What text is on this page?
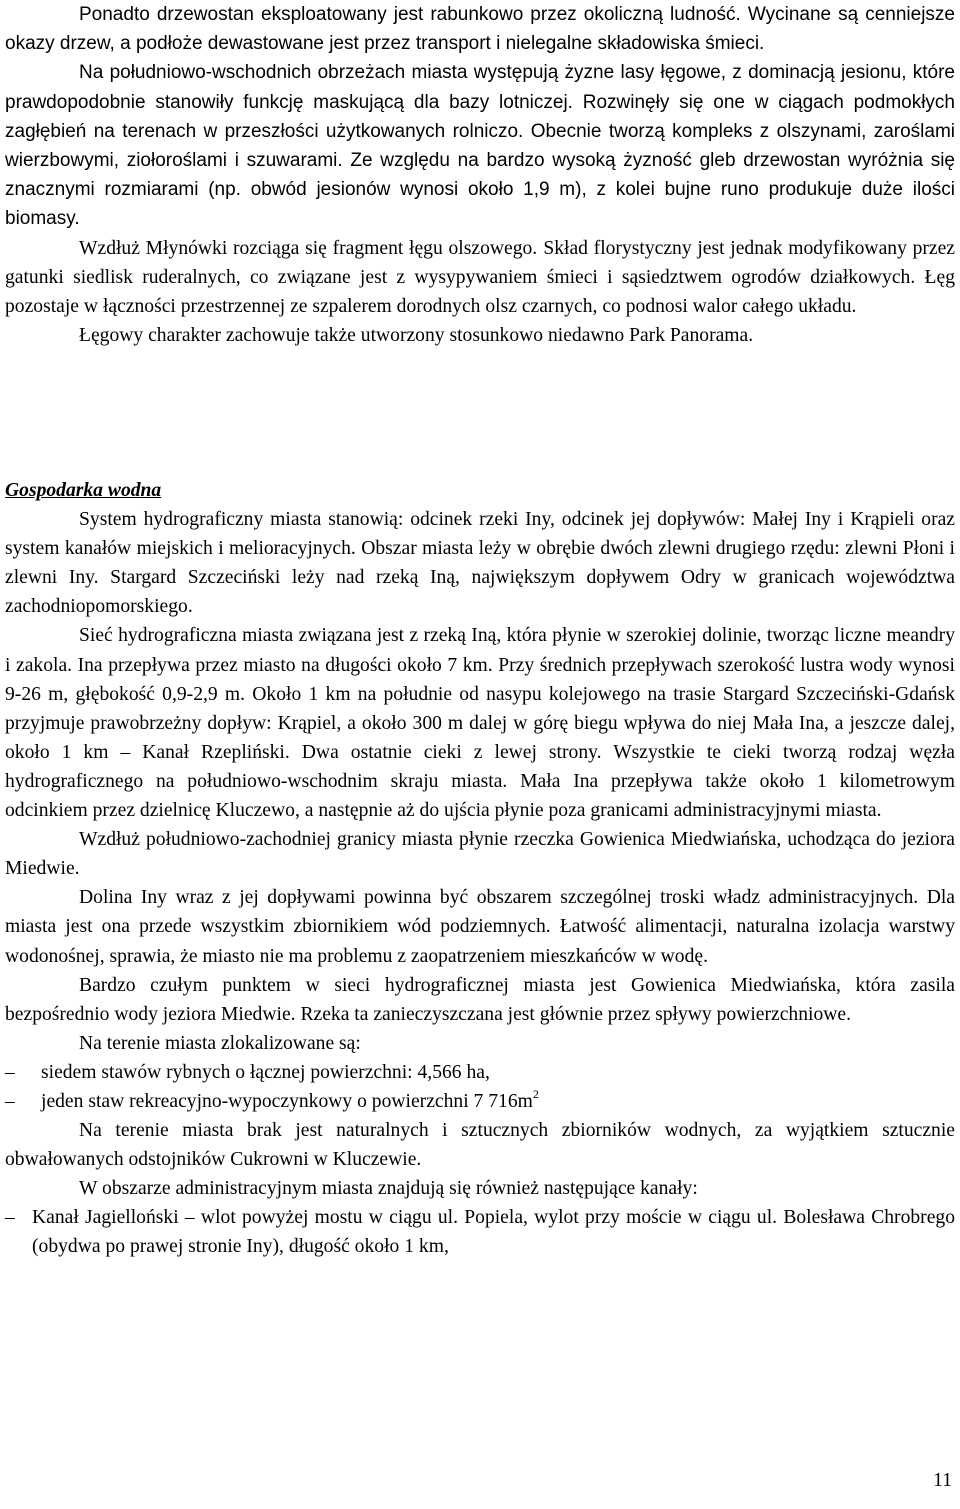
Ponadto drzewostan eksploatowany jest rabunkowo przez okoliczną ludność. Wycinane są cenniejsze okazy drzew, a podłoże dewastowane jest przez transport i nielegalne składowiska śmieci.

Na południowo-wschodnich obrzeżach miasta występują żyzne lasy łęgowe, z dominacją jesionu, które prawdopodobnie stanowiły funkcję maskującą dla bazy lotniczej. Rozwinęły się one w ciągach podmokłych zagłębień na terenach w przeszłości użytkowanych rolniczo. Obecnie tworzą kompleks z olszynami, zaroślami wierzbowymi, ziołoroślami i szuwarami. Ze względu na bardzo wysoką żyzność gleb drzewostan wyróżnia się znacznymi rozmiarami (np. obwód jesionów wynosi około 1,9 m), z kolei bujne runo produkuje duże ilości biomasy.

Wzdłuż Młynówki rozciąga się fragment łęgu olszowego. Skład florystyczny jest jednak modyfikowany przez gatunki siedlisk ruderalnych, co związane jest z wysypywaniem śmieci i sąsiedztwem ogrodów działkowych. Łęg pozostaje w łączności przestrzennej ze szpalerem dorodnych olsz czarnych, co podnosi walor całego układu.

Łęgowy charakter zachowuje także utworzony stosunkowo niedawno Park Panorama.

Gospodarka wodna

System hydrograficzny miasta stanowią: odcinek rzeki Iny, odcinek jej dopływów: Małej Iny i Krąpieli oraz system kanałów miejskich i melioracyjnych. Obszar miasta leży w obrębie dwóch zlewni drugiego rzędu: zlewni Płoni i zlewni Iny. Stargard Szczeciński leży nad rzeką Iną, największym dopływem Odry w granicach województwa zachodniopomorskiego.

Sieć hydrograficzna miasta związana jest z rzeką Iną, która płynie w szerokiej dolinie, tworząc liczne meandry i zakola. Ina przepływa przez miasto na długości około 7 km. Przy średnich przepływach szerokość lustra wody wynosi 9-26 m, głębokość 0,9-2,9 m. Około 1 km na południe od nasypu kolejowego na trasie Stargard Szczeciński-Gdańsk przyjmuje prawobrzeżny dopływ: Krąpiel, a około 300 m dalej w górę biegu wpływa do niej Mała Ina, a jeszcze dalej, około 1 km – Kanał Rzepliński. Dwa ostatnie cieki z lewej strony. Wszystkie te cieki tworzą rodzaj węzła hydrograficznego na południowo-wschodnim skraju miasta. Mała Ina przepływa także około 1 kilometrowym odcinkiem przez dzielnicę Kluczewo, a następnie aż do ujścia płynie poza granicami administracyjnymi miasta.

Wzdłuż południowo-zachodniej granicy miasta płynie rzeczka Gowienica Miedwiańska, uchodząca do jeziora Miedwie.

Dolina Iny wraz z jej dopływami powinna być obszarem szczególnej troski władz administracyjnych. Dla miasta jest ona przede wszystkim zbiornikiem wód podziemnych. Łatwość alimentacji, naturalna izolacja warstwy wodonośnej, sprawia, że miasto nie ma problemu z zaopatrzeniem mieszkańców w wodę.

Bardzo czułym punktem w sieci hydrograficznej miasta jest Gowienica Miedwiańska, która zasila bezpośrednio wody jeziora Miedwie. Rzeka ta zanieczyszczana jest głównie przez spływy powierzchniowe.

Na terenie miasta zlokalizowane są:

–	siedem stawów rybnych o łącznej powierzchni: 4,566 ha,
–	jeden staw rekreacyjno-wypoczynkowy o powierzchni 7 $716m^2$

Na terenie miasta brak jest naturalnych i sztucznych zbiorników wodnych, za wyjątkiem sztucznie obwałowanych odstojników Cukrowni w Kluczewie.

W obszarze administracyjnym miasta znajdują się również następujące kanały:

– Kanał Jagielloński – wlot powyżej mostu w ciągu ul. Popiela, wylot przy moście w ciągu ul. Bolesława Chrobrego (obydwa po prawej stronie Iny), długość około 1 km,
11
